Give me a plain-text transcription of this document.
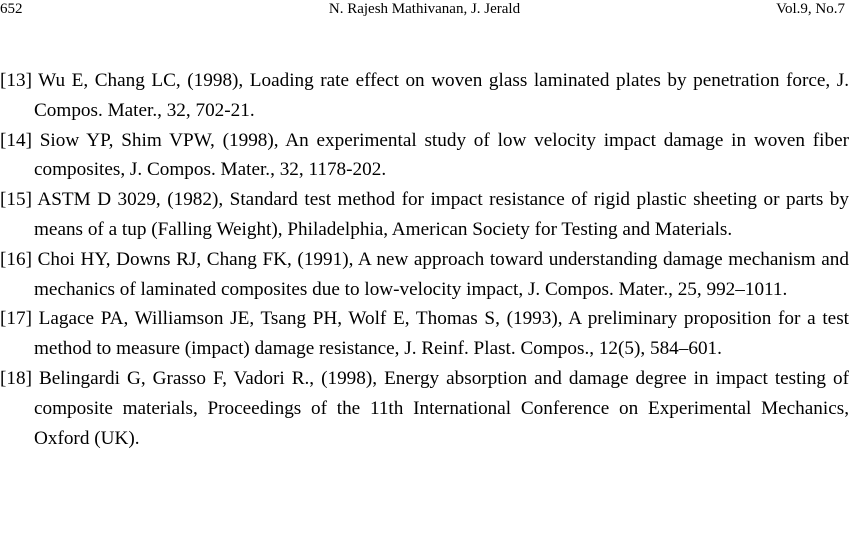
N. Rajesh Mathivanan, J. Jerald
652	Vol.9, No.7

[13] Wu E, Chang LC, (1998), Loading rate effect on woven glass laminated plates by penetration force, J. Compos. Mater., 32, 702-21.

[14] Siow YP, Shim VPW, (1998), An experimental study of low velocity impact damage in woven fiber composites, J. Compos. Mater., 32, 1178-202.

[15] ASTM D 3029, (1982), Standard test method for impact resistance of rigid plastic sheeting or parts by means of a tup (Falling Weight), Philadelphia, American Society for Testing and Materials.

[16] Choi HY, Downs RJ, Chang FK, (1991), A new approach toward understanding damage mechanism and mechanics of laminated composites due to low-velocity impact, J. Compos. Mater., 25, 992–1011.

[17] Lagace PA, Williamson JE, Tsang PH, Wolf E, Thomas S, (1993), A preliminary proposition for a test method to measure (impact) damage resistance, J. Reinf. Plast. Compos., 12(5), 584–601.

[18] Belingardi G, Grasso F, Vadori R., (1998), Energy absorption and damage degree in impact testing of composite materials, Proceedings of the 11th International Conference on Experimental Mechanics, Oxford (UK).
